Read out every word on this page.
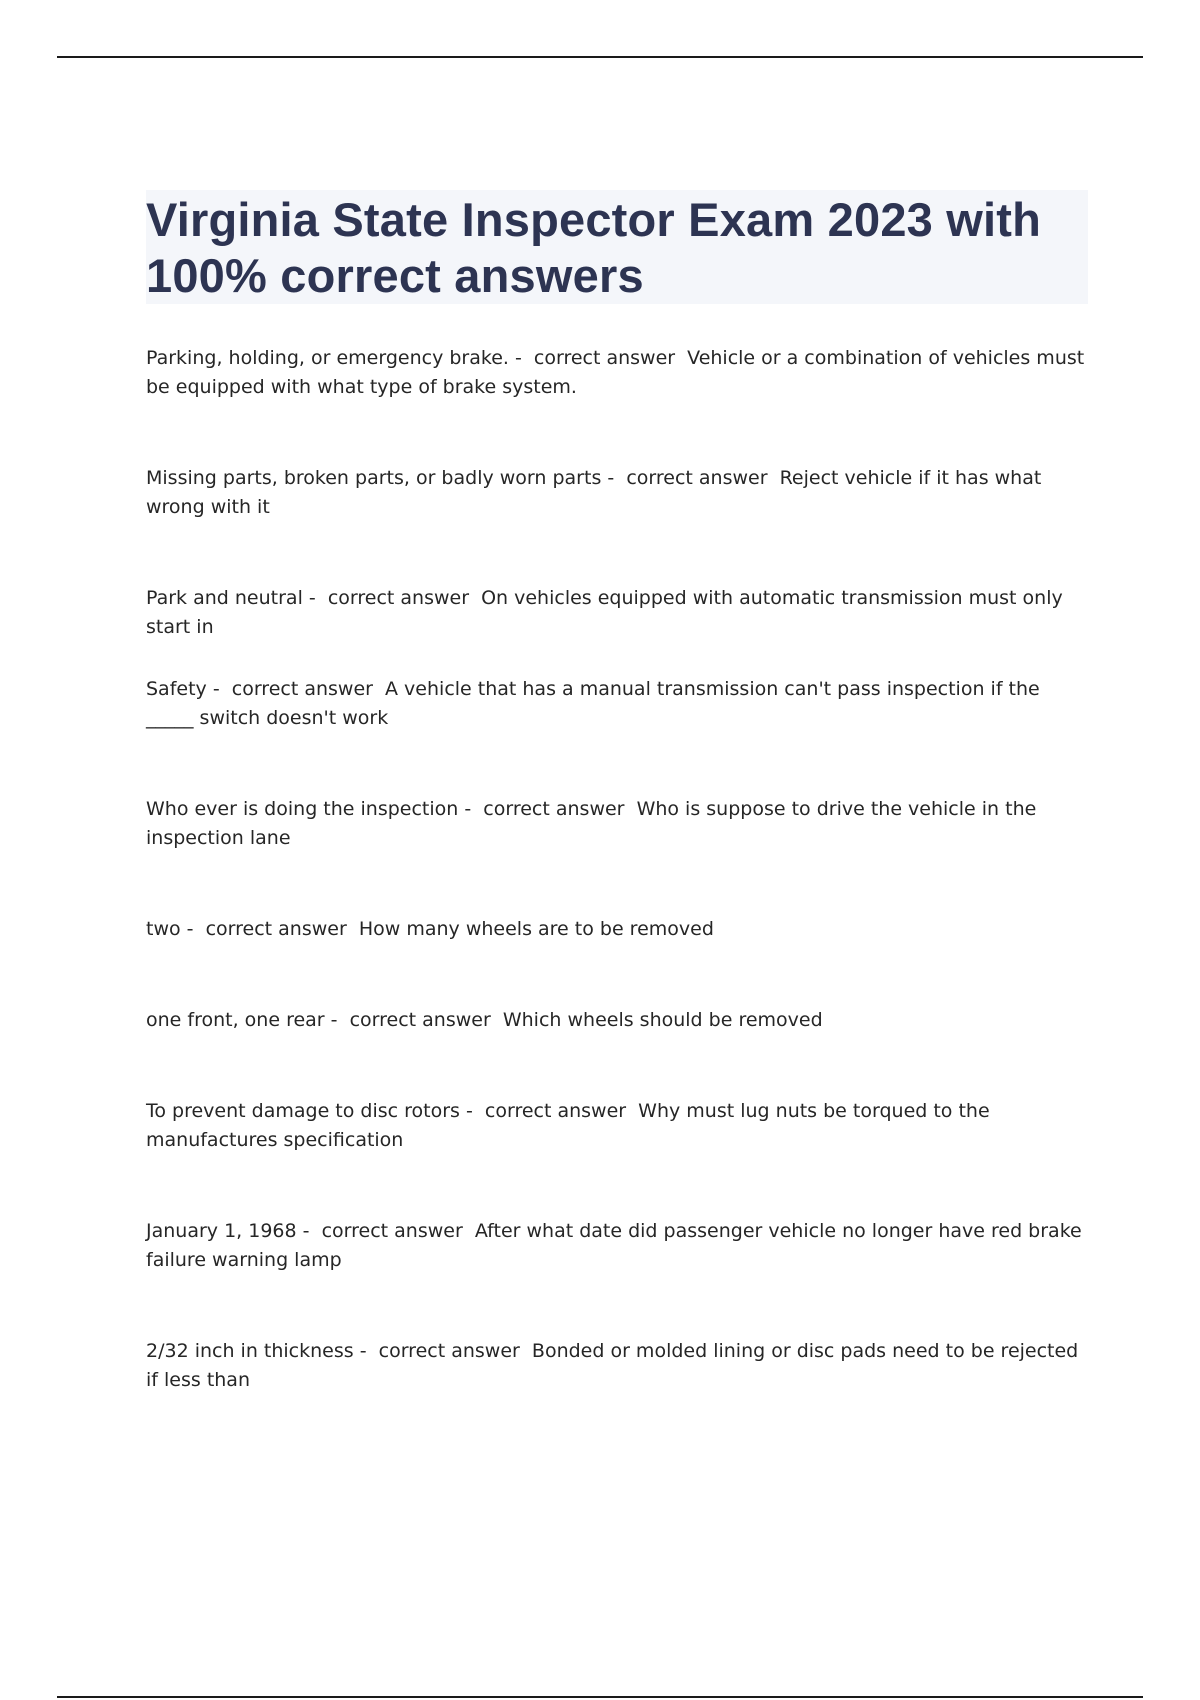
Virginia State Inspector Exam 2023 with 100% correct answers
Parking, holding, or emergency brake. -  correct answer  Vehicle or a combination of vehicles must be equipped with what type of brake system.
Missing parts, broken parts, or badly worn parts -  correct answer  Reject vehicle if it has what wrong with it
Park and neutral -  correct answer  On vehicles equipped with automatic transmission must only start in
Safety -  correct answer  A vehicle that has a manual transmission can't pass inspection if the _____ switch doesn't work
Who ever is doing the inspection -  correct answer  Who is suppose to drive the vehicle in the inspection lane
two -  correct answer  How many wheels are to be removed
one front, one rear -  correct answer  Which wheels should be removed
To prevent damage to disc rotors -  correct answer  Why must lug nuts be torqued to the manufactures specification
January 1, 1968 -  correct answer  After what date did passenger vehicle no longer have red brake failure warning lamp
2/32 inch in thickness -  correct answer  Bonded or molded lining or disc pads need to be rejected if less than
